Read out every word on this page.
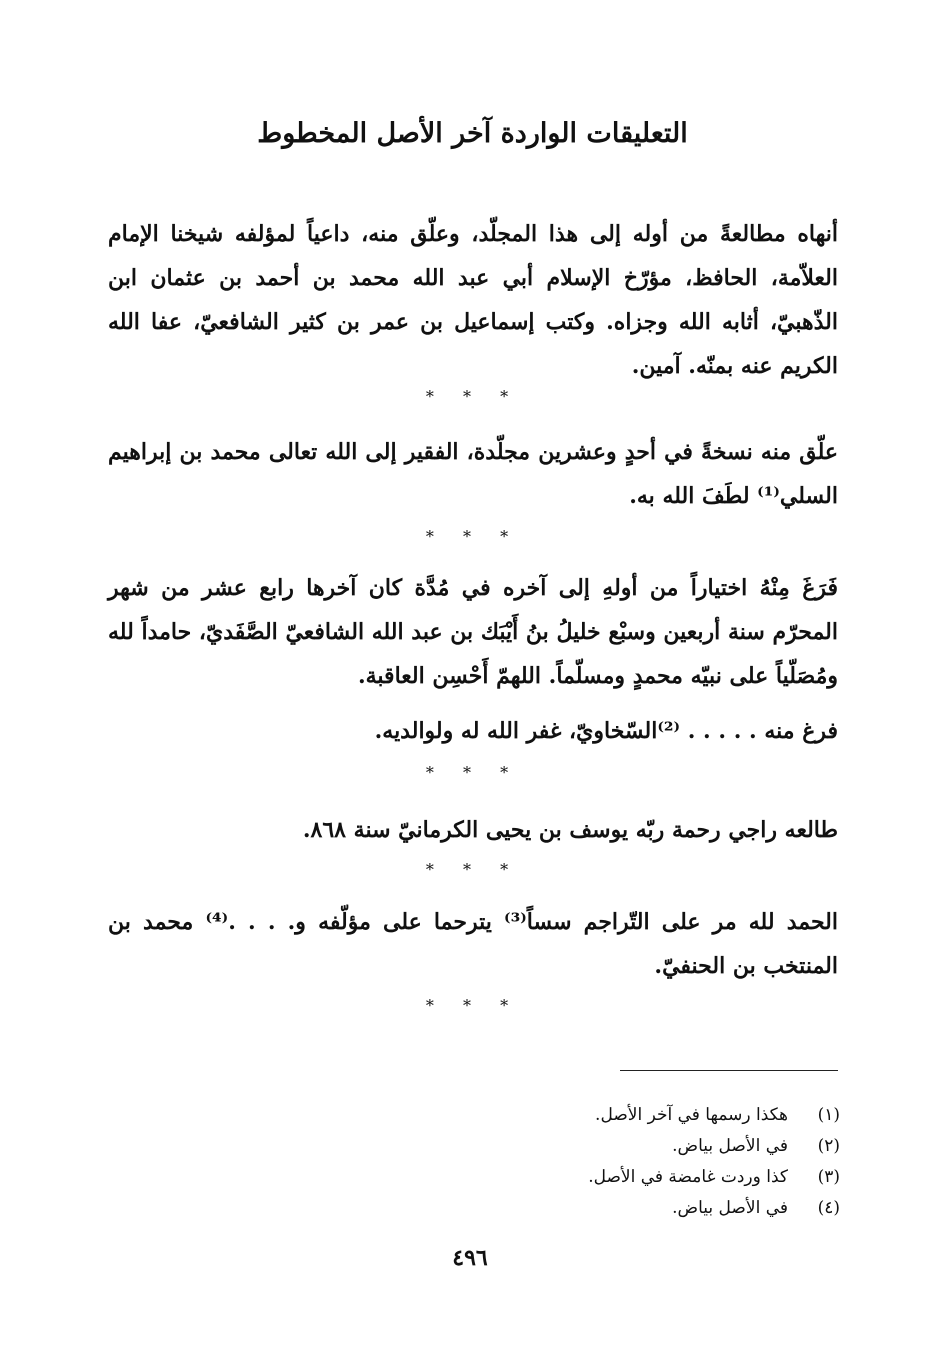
التعليقات الواردة آخر الأصل المخطوط
أنهاه مطالعةً من أوله إلى هذا المجلّد، وعلّق منه، داعياً لمؤلفه شيخنا الإمام العلاّمة، الحافظ، مؤرّخ الإسلام أبي عبد الله محمد بن أحمد بن عثمان ابن الذّهبيّ، أثابه الله وجزاه. وكتب إسماعيل بن عمر بن كثير الشافعيّ، عفا الله الكريم عنه بمنّه. آمين.
* * *
علّق منه نسخةً في أحدٍ وعشرين مجلّدة، الفقير إلى الله تعالى محمد بن إبراهيم السلي⁽¹⁾ لطَفَ الله به.
* * *
فَرَغَ مِنْهُ اختياراً من أولهِ إلى آخره في مُدَّة كان آخرها رابع عشر من شهر المحرّم سنة أربعين وسبْع خليلُ بنُ أَيْبَك بن عبد الله الشافعيّ الصَّفَديّ، حامداً لله ومُصَلّياً على نبيّه محمدٍ ومسلّماً. اللهمّ أَحْسِن العاقبة.
فرغ منه . . . . . ⁽²⁾السّخاويّ، غفر الله له ولوالديه.
* * *
طالعه راجي رحمة ربّه يوسف بن يحيى الكرمانيّ سنة ٨٦٨.
* * *
الحمد لله مر على التّراجم سساً⁽³⁾ يترحما على مؤلّفه و. . . .⁽⁴⁾ محمد بن المنتخب بن الحنفيّ.
* * *
(١)
هكذا رسمها في آخر الأصل.
(٢)
في الأصل بياض.
(٣)
كذا وردت غامضة في الأصل.
(٤)
في الأصل بياض.
٤٩٦
